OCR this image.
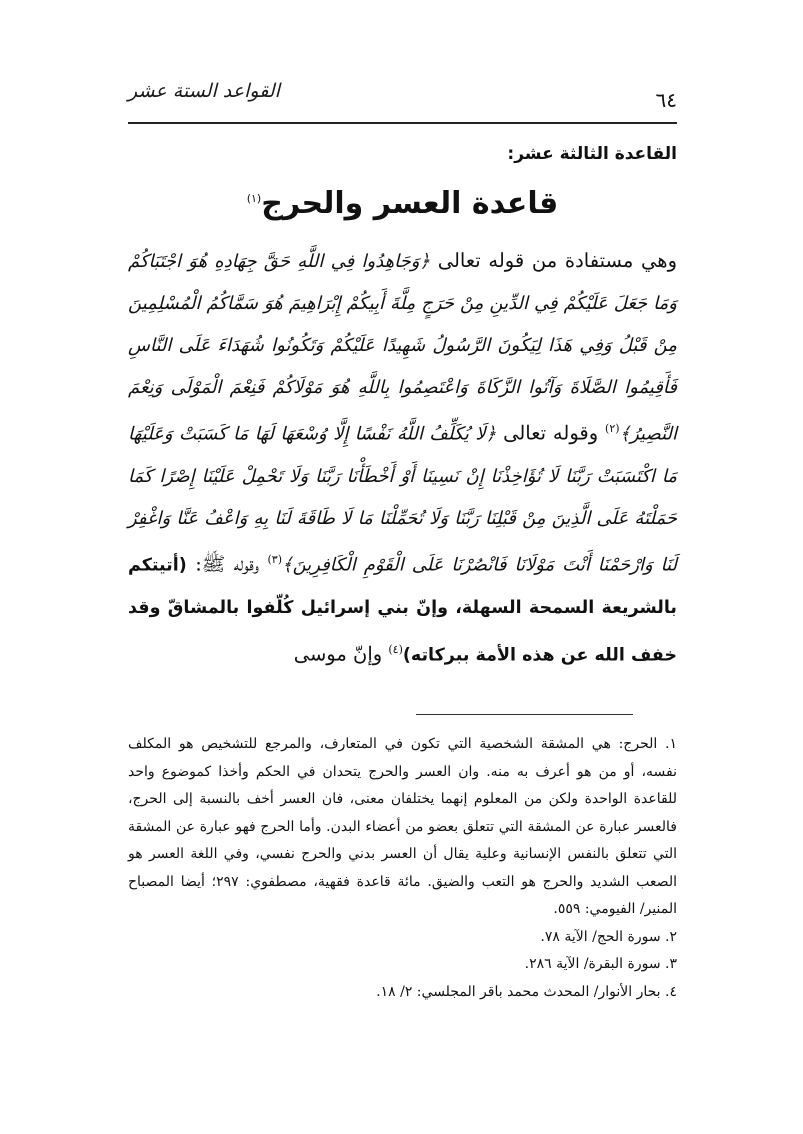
القواعد الستة عشر	٦٤
القاعدة الثالثة عشر:
قاعدة العسر والحرج$^{(١)}$

وهي مستفادة من قوله تعالى ﴿وَجَاهِدُوا فِي اللَّهِ حَقَّ جِهَادِهِ هُوَ اجْتَبَاكُمْ وَمَا جَعَلَ عَلَيْكُمْ فِي الدِّينِ مِنْ حَرَجٍ مِلَّةَ أَبِيكُمْ إِبْرَاهِيمَ هُوَ سَمَّاكُمُ الْمُسْلِمِينَ مِنْ قَبْلُ وَفِي هَذَا لِيَكُونَ الرَّسُولُ شَهِيدًا عَلَيْكُمْ وَتَكُونُوا شُهَدَاءَ عَلَى النَّاسِ فَأَقِيمُوا الصَّلَاةَ وَآتُوا الزَّكَاةَ وَاعْتَصِمُوا بِاللَّهِ هُوَ مَوْلَاكُمْ فَنِعْمَ الْمَوْلَى وَنِعْمَ النَّصِيرُ﴾$^{(٢)}$ وقوله تعالى ﴿لَا يُكَلِّفُ اللَّهُ نَفْسًا إِلَّا وُسْعَهَا لَهَا مَا كَسَبَتْ وَعَلَيْهَا مَا اكْتَسَبَتْ رَبَّنَا لَا تُؤَاخِذْنَا إِنْ نَسِينَا أَوْ أَخْطَأْنَا رَبَّنَا وَلَا تَحْمِلْ عَلَيْنَا إِصْرًا كَمَا حَمَلْتَهُ عَلَى الَّذِينَ مِنْ قَبْلِنَا رَبَّنَا وَلَا تُحَمِّلْنَا مَا لَا طَاقَةَ لَنَا بِهِ وَاعْفُ عَنَّا وَاغْفِرْ لَنَا وَارْحَمْنَا أَنْتَ مَوْلَانَا فَانْصُرْنَا عَلَى الْقَوْمِ الْكَافِرِينَ﴾$^{(٣)}$ وقوله ﷺ: (أتيتكم بالشريعة السمحة السهلة، وإنّ بني إسرائيل كُلّفوا بالمشاقّ وقد خفف الله عن هذه الأمة ببركاته)$^{(٤)}$ وإنّ موسى

١. الحرج: هي المشقة الشخصية التي تكون في المتعارف، والمرجع للتشخيص هو المكلف نفسه، أو من هو أعرف به منه. وان العسر والحرج يتحدان في الحكم وأخذا كموضوع واحد للقاعدة الواحدة ولكن من المعلوم إنهما يختلفان معنى، فان العسر أخف بالنسبة إلى الحرج، فالعسر عبارة عن المشقة التي تتعلق بعضو من أعضاء البدن. وأما الحرج فهو عبارة عن المشقة التي تتعلق بالنفس الإنسانية وعلية يقال أن العسر بدني والحرج نفسي، وفي اللغة العسر هو الصعب الشديد والحرج هو التعب والضيق. مائة قاعدة فقهية، مصطفوي: ٢٩٧؛ أيضا المصباح المنير/ الفيومي: ٥٥٩.

٢. سورة الحج/ الآية ٧٨.

٣. سورة البقرة/ الآية ٢٨٦.

٤. بحار الأنوار/ المحدث محمد باقر المجلسي: ٢/ ١٨.
